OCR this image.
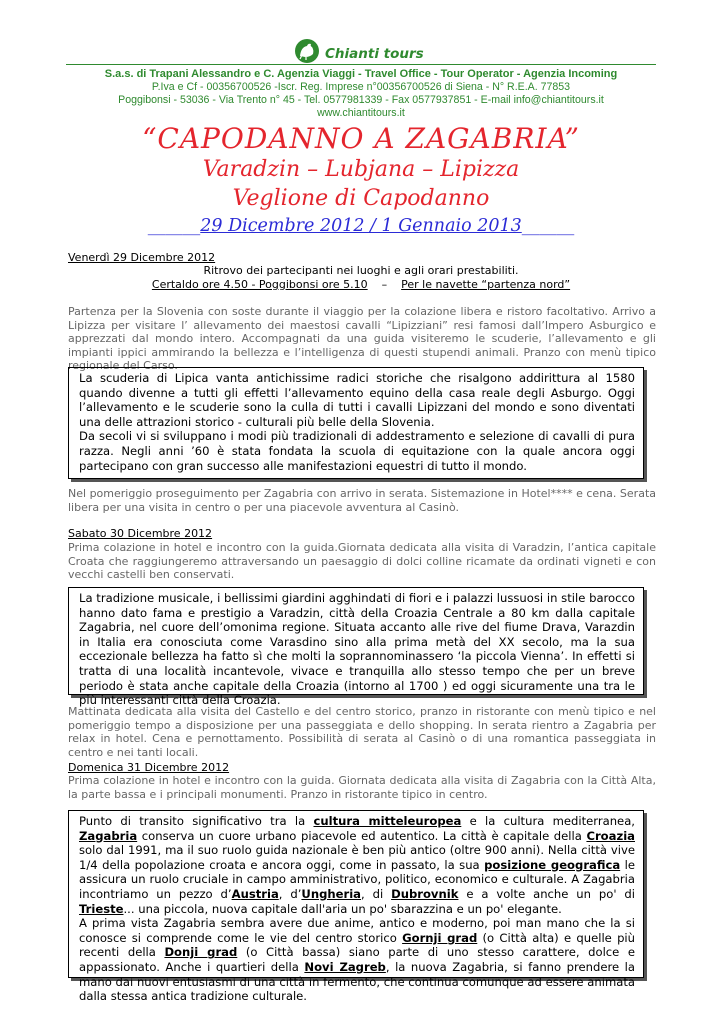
Chianti tours
S.a.s. di Trapani Alessandro e C. Agenzia Viaggi - Travel Office - Tour Operator - Agenzia Incoming
P.Iva e Cf - 00356700526 -Iscr. Reg. Imprese n°00356700526 di Siena - N° R.E.A. 77853
Poggibonsi - 53036 - Via Trento n° 45 - Tel. 0577981339 - Fax 0577937851 - E-mail info@chiantitours.it
www.chiantitours.it
“CAPODANNO A ZAGABRIA”
Varadzin – Lubjana – Lipizza
Veglione di Capodanno
______29 Dicembre 2012 / 1 Gennaio 2013______
Venerdì 29 Dicembre 2012
Ritrovo dei partecipanti nei luoghi e agli orari prestabiliti.
Certaldo ore 4.50 - Poggibonsi ore 5.10 – Per le navette “partenza nord”
Partenza per la Slovenia con soste durante il viaggio per la colazione libera e ristoro facoltativo. Arrivo a Lipizza per visitare l’ allevamento dei maestosi cavalli “Lipizziani” resi famosi dall’Impero Asburgico e apprezzati dal mondo intero. Accompagnati da una guida visiteremo le scuderie, l’allevamento e gli impianti ippici ammirando la bellezza e l’intelligenza di questi stupendi animali. Pranzo con menù tipico regionale del Carso.
La scuderia di Lipica vanta antichissime radici storiche che risalgono addirittura al 1580 quando divenne a tutti gli effetti l’allevamento equino della casa reale degli Asburgo. Oggi l’allevamento e le scuderie sono la culla di tutti i cavalli Lipizzani del mondo e sono diventati una delle attrazioni storico - culturali più belle della Slovenia.
Da secoli vi si sviluppano i modi più tradizionali di addestramento e selezione di cavalli di pura razza. Negli anni ’60 è stata fondata la scuola di equitazione con la quale ancora oggi partecipano con gran successo alle manifestazioni equestri di tutto il mondo.
Nel pomeriggio proseguimento per Zagabria con arrivo in serata. Sistemazione in Hotel**** e cena. Serata libera per una visita in centro o per una piacevole avventura al Casinò.
Sabato 30 Dicembre 2012
Prima colazione in hotel e incontro con la guida.Giornata dedicata alla visita di Varadzin, l’antica capitale Croata che raggiungeremo attraversando un paesaggio di dolci colline ricamate da ordinati vigneti e con vecchi castelli ben conservati.
La tradizione musicale, i bellissimi giardini agghindati di fiori e i palazzi lussuosi in stile barocco hanno dato fama e prestigio a Varadzin, città della Croazia Centrale a 80 km dalla capitale Zagabria, nel cuore dell’omonima regione. Situata accanto alle rive del fiume Drava, Varazdin in Italia era conosciuta come Varasdino sino alla prima metà del XX secolo, ma la sua eccezionale bellezza ha fatto sì che molti la soprannominassero ‘la piccola Vienna’. In effetti si tratta di una località incantevole, vivace e tranquilla allo stesso tempo che per un breve periodo è stata anche capitale della Croazia (intorno al 1700 ) ed oggi sicuramente una tra le più interessanti città della Croazia.
Mattinata dedicata alla visita del Castello e del centro storico, pranzo in ristorante con menù tipico e nel pomeriggio tempo a disposizione per una passeggiata e dello shopping. In serata rientro a Zagabria per relax in hotel. Cena e pernottamento. Possibilità di serata al Casinò o di una romantica passeggiata in centro e nei tanti locali.
Domenica 31 Dicembre 2012
Prima colazione in hotel e incontro con la guida. Giornata dedicata alla visita di Zagabria con la Città Alta, la parte bassa e i principali monumenti. Pranzo in ristorante tipico in centro.
Punto di transito significativo tra la cultura mitteleuropea e la cultura mediterranea, Zagabria conserva un cuore urbano piacevole ed autentico. La città è capitale della Croazia solo dal 1991, ma il suo ruolo guida nazionale è ben più antico (oltre 900 anni). Nella città vive 1/4 della popolazione croata e ancora oggi, come in passato, la sua posizione geografica le assicura un ruolo cruciale in campo amministrativo, politico, economico e culturale. A Zagabria incontriamo un pezzo d’Austria, d’Ungheria, di Dubrovnik e a volte anche un po' di Trieste... una piccola, nuova capitale dall'aria un po' sbarazzina e un po' elegante.
A prima vista Zagabria sembra avere due anime, antico e moderno, poi man mano che la si conosce si comprende come le vie del centro storico Gornji grad (o Città alta) e quelle più recenti della Donji grad (o Città bassa) siano parte di uno stesso carattere, dolce e appassionato. Anche i quartieri della Novi Zagreb, la nuova Zagabria, si fanno prendere la mano dai nuovi entusiasmi di una città in fermento, che continua comunque ad essere animata dalla stessa antica tradizione culturale.
